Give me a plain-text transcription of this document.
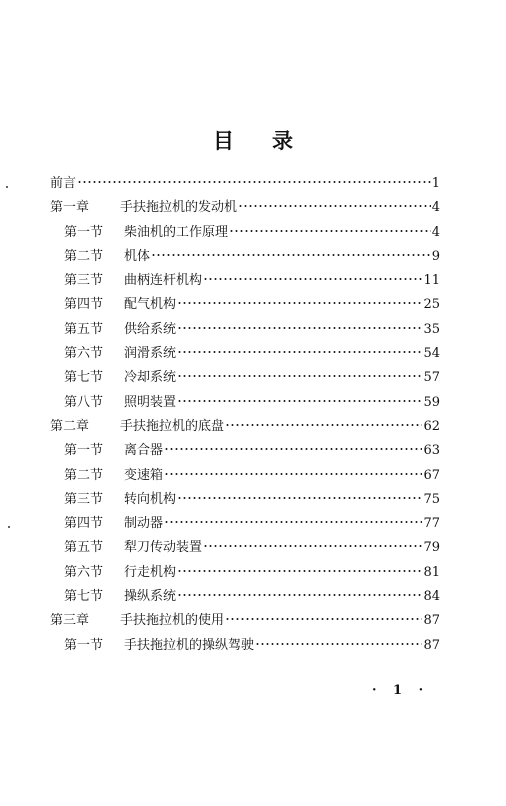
目 录
前言	1
第一章 手扶拖拉机的发动机	4
第一节 柴油机的工作原理	4
第二节 机体	9
第三节 曲柄连杆机构	11
第四节 配气机构	25
第五节 供给系统	35
第六节 润滑系统	54
第七节 冷却系统	57
第八节 照明装置	59
第二章 手扶拖拉机的底盘	62
第一节 离合器	63
第二节 变速箱	67
第三节 转向机构	75
第四节 制动器	77
第五节 犁刀传动装置	79
第六节 行走机构	81
第七节 操纵系统	84
第三章 手扶拖拉机的使用	87
第一节 手扶拖拉机的操纵驾驶	87
· 1 ·
